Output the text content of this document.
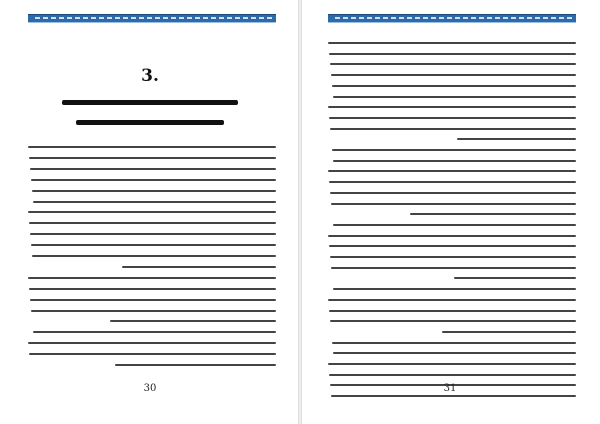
3.
30	31
